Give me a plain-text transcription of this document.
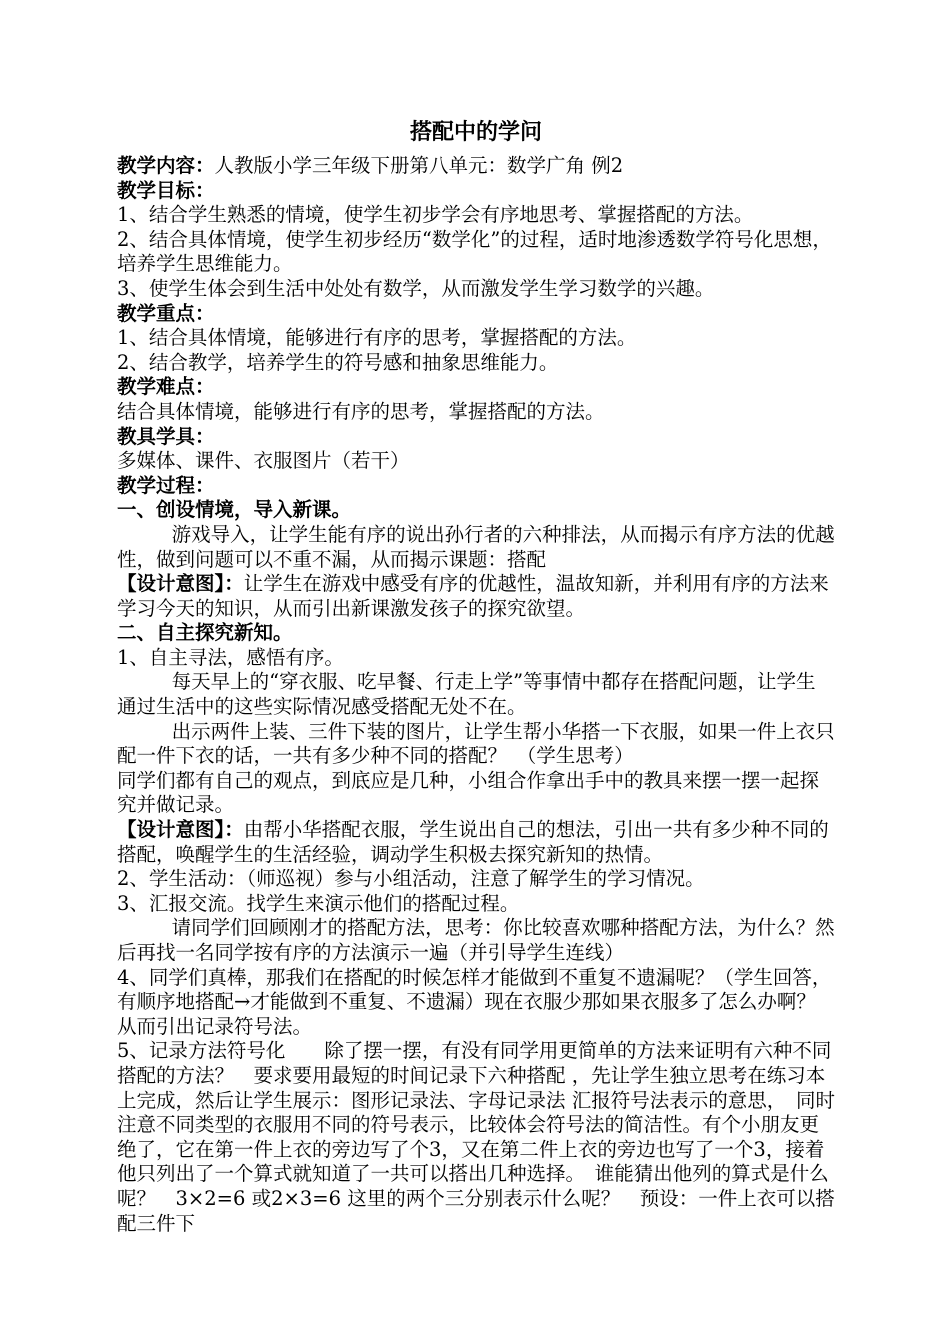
搭配中的学问

教学内容：人教版小学三年级下册第八单元：数学广角 例2

教学目标：

1、结合学生熟悉的情境，使学生初步学会有序地思考、掌握搭配的方法。

2、结合具体情境，使学生初步经历“数学化”的过程，适时地渗透数学符号化思想，培养学生思维能力。

3、使学生体会到生活中处处有数学，从而激发学生学习数学的兴趣。

教学重点：

1、结合具体情境，能够进行有序的思考，掌握搭配的方法。

2、结合教学，培养学生的符号感和抽象思维能力。

教学难点：

结合具体情境，能够进行有序的思考，掌握搭配的方法。

教具学具：

多媒体、课件、衣服图片（若干）

教学过程：

一、创设情境，导入新课。

游戏导入，让学生能有序的说出孙行者的六种排法，从而揭示有序方法的优越性，做到问题可以不重不漏，从而揭示课题：搭配

【设计意图】：让学生在游戏中感受有序的优越性，温故知新，并利用有序的方法来学习今天的知识，从而引出新课激发孩子的探究欲望。

二、自主探究新知。

1、自主寻法，感悟有序。

每天早上的“穿衣服、吃早餐、行走上学”等事情中都存在搭配问题，让学生通过生活中的这些实际情况感受搭配无处不在。

出示两件上装、三件下装的图片，让学生帮小华搭一下衣服，如果一件上衣只配一件下衣的话，一共有多少种不同的搭配？　（学生思考）

同学们都有自己的观点，到底应是几种，小组合作拿出手中的教具来摆一摆一起探究并做记录。

【设计意图】：由帮小华搭配衣服，学生说出自己的想法，引出一共有多少种不同的搭配，唤醒学生的生活经验，调动学生积极去探究新知的热情。

2、学生活动：（师巡视）参与小组活动，注意了解学生的学习情况。

3、汇报交流。找学生来演示他们的搭配过程。

请同学们回顾刚才的搭配方法，思考：你比较喜欢哪种搭配方法，为什么？然后再找一名同学按有序的方法演示一遍（并引导学生连线）

4、同学们真棒，那我们在搭配的时候怎样才能做到不重复不遗漏呢？（学生回答，有顺序地搭配→才能做到不重复、不遗漏）现在衣服少那如果衣服多了怎么办啊？从而引出记录符号法。

5、记录方法符号化　　除了摆一摆，有没有同学用更简单的方法来证明有六种不同搭配的方法？　要求要用最短的时间记录下六种搭配 ，先让学生独立思考在练习本上完成，然后让学生展示：图形记录法、字母记录法 汇报符号法表示的意思，　同时注意不同类型的衣服用不同的符号表示，比较体会符号法的简洁性。有个小朋友更绝了，它在第一件上衣的旁边写了个3，又在第二件上衣的旁边也写了一个3，接着他只列出了一个算式就知道了一共可以搭出几种选择。　谁能猜出他列的算式是什么呢？　3×2=6 或2×3=6 这里的两个三分别表示什么呢？　预设：一件上衣可以搭配三件下
